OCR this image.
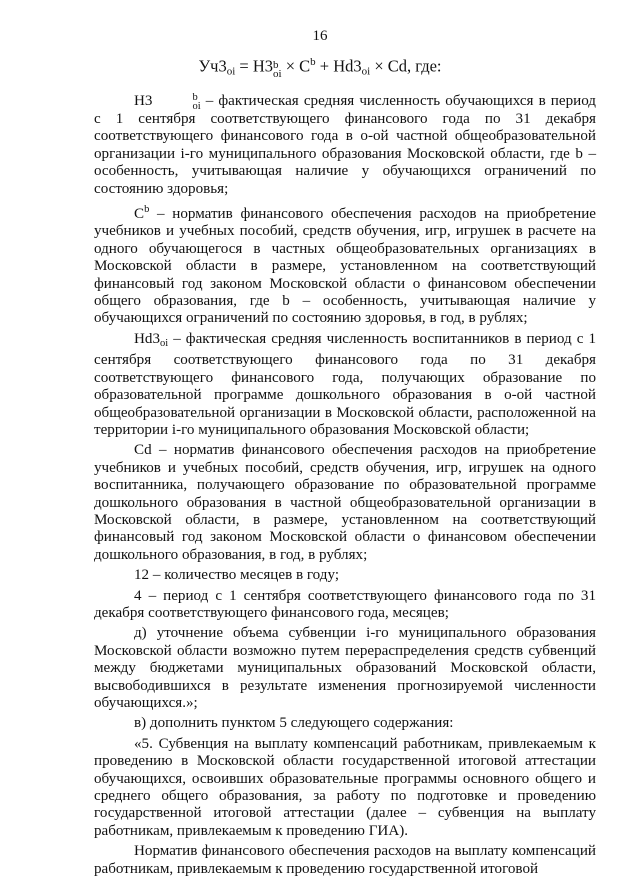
16
$Уч3_{oi} = Н3$ b
oi × $C^b + Hd3_{oi} \times Cd$, где:

Н3	b
oi – фактическая средняя численность обучающихся в период с 1 сентября соответствующего финансового года по 31 декабря соответствующего финансового года в о-ой частной общеобразовательной организации i-го муниципального образования Московской области, где b – особенность, учитывающая наличие у обучающихся ограничений по состоянию здоровья;

$C^b$ – норматив финансового обеспечения расходов на приобретение учебников и учебных пособий, средств обучения, игр, игрушек в расчете на одного обучающегося в частных общеобразовательных организациях в Московской области в размере, установленном на соответствующий финансовый год законом Московской области о финансовом обеспечении общего образования, где b – особенность, учитывающая наличие у обучающихся ограничений по состоянию здоровья, в год, в рублях;

Hd3oi – фактическая средняя численность воспитанников в период с 1 сентября соответствующего финансового года по 31 декабря соответствующего финансового года, получающих образование по образовательной программе дошкольного образования в о-ой частной общеобразовательной организации в Московской области, расположенной на территории i-го муниципального образования Московской области;

Cd – норматив финансового обеспечения расходов на приобретение учебников и учебных пособий, средств обучения, игр, игрушек на одного воспитанника, получающего образование по образовательной программе дошкольного образования в частной общеобразовательной организации в Московской области, в размере, установленном на соответствующий финансовый год законом Московской области о финансовом обеспечении дошкольного образования, в год, в рублях;

12 – количество месяцев в году;

4 – период с 1 сентября соответствующего финансового года по 31 декабря соответствующего финансового года, месяцев;

д) уточнение объема субвенции i-го муниципального образования Московской области возможно путем перераспределения средств субвенций между бюджетами муниципальных образований Московской области, высвободившихся в результате изменения прогнозируемой численности обучающихся.»;

в) дополнить пунктом 5 следующего содержания:

«5. Субвенция на выплату компенсаций работникам, привлекаемым к проведению в Московской области государственной итоговой аттестации обучающихся, освоивших образовательные программы основного общего и среднего общего образования, за работу по подготовке и проведению государственной итоговой аттестации (далее – субвенция на выплату работникам, привлекаемым к проведению ГИА).

Норматив финансового обеспечения расходов на выплату компенсаций работникам, привлекаемым к проведению государственной итоговой
